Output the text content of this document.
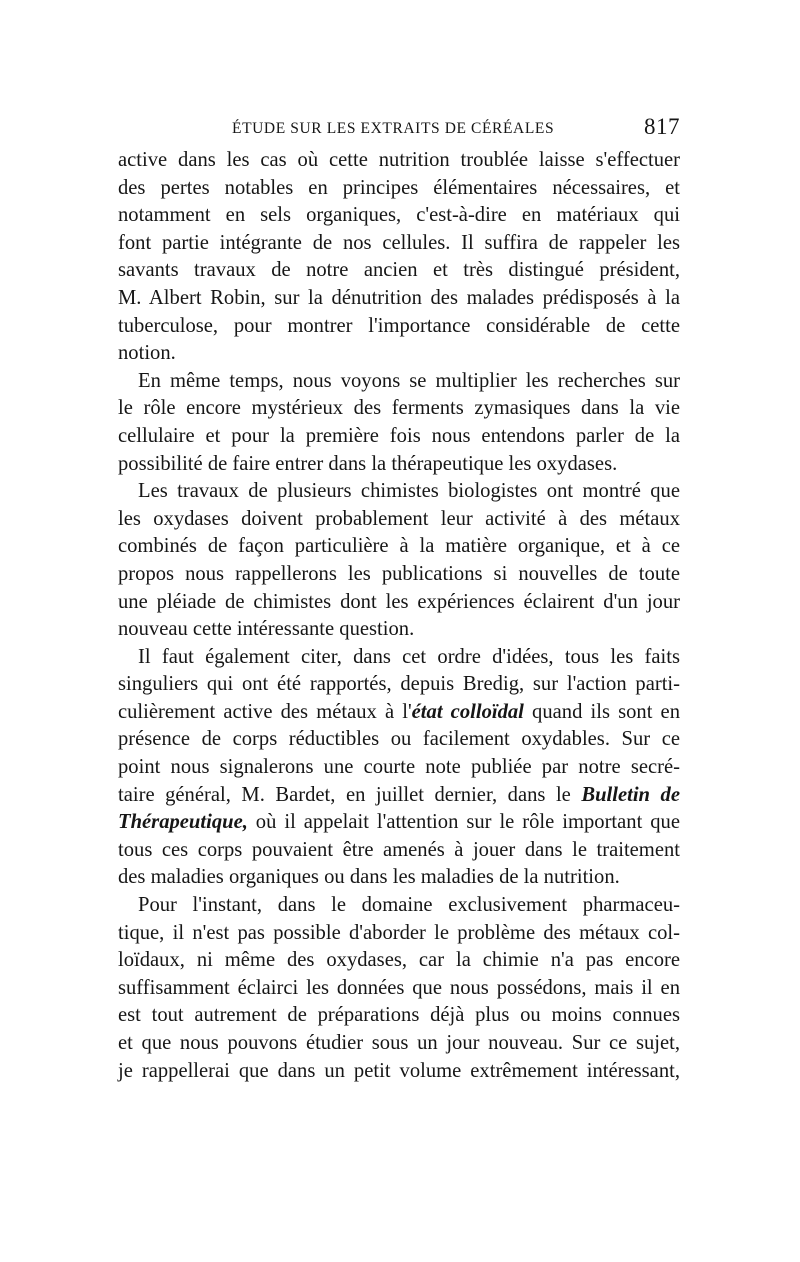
ÉTUDE SUR LES EXTRAITS DE CÉRÉALES	817
active dans les cas où cette nutrition troublée laisse s'effectuer
des pertes notables en principes élémentaires nécessaires, et
notamment en sels organiques, c'est-à-dire en matériaux qui
font partie intégrante de nos cellules. Il suffira de rappeler les
savants travaux de notre ancien et très distingué président,
M. Albert Robin, sur la dénutrition des malades prédisposés à la
tuberculose, pour montrer l'importance considérable de cette
notion.
En même temps, nous voyons se multiplier les recherches sur
le rôle encore mystérieux des ferments zymasiques dans la vie
cellulaire et pour la première fois nous entendons parler de la
possibilité de faire entrer dans la thérapeutique les oxydases.
Les travaux de plusieurs chimistes biologistes ont montré que
les oxydases doivent probablement leur activité à des métaux
combinés de façon particulière à la matière organique, et à ce
propos nous rappellerons les publications si nouvelles de toute
une pléiade de chimistes dont les expériences éclairent d'un jour
nouveau cette intéressante question.
Il faut également citer, dans cet ordre d'idées, tous les faits
singuliers qui ont été rapportés, depuis Bredig, sur l'action parti-
culièrement active des métaux à l'état colloïdal quand ils sont en
présence de corps réductibles ou facilement oxydables. Sur ce
point nous signalerons une courte note publiée par notre secré-
taire général, M. Bardet, en juillet dernier, dans le Bulletin de
Thérapeutique, où il appelait l'attention sur le rôle important que
tous ces corps pouvaient être amenés à jouer dans le traitement
des maladies organiques ou dans les maladies de la nutrition.
Pour l'instant, dans le domaine exclusivement pharmaceu-
tique, il n'est pas possible d'aborder le problème des métaux col-
loïdaux, ni même des oxydases, car la chimie n'a pas encore
suffisamment éclairci les données que nous possédons, mais il en
est tout autrement de préparations déjà plus ou moins connues
et que nous pouvons étudier sous un jour nouveau. Sur ce sujet,
je rappellerai que dans un petit volume extrêmement intéressant,
